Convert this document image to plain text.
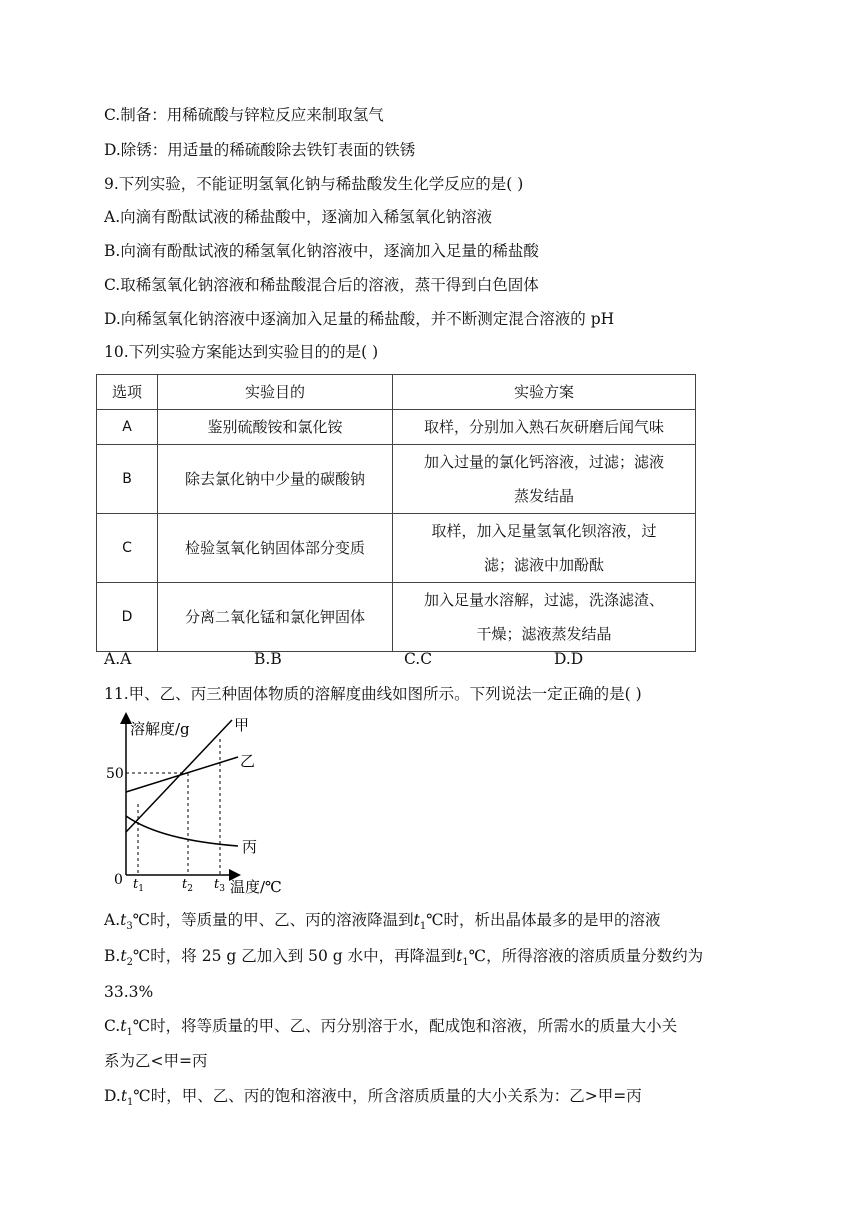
C.制备：用稀硫酸与锌粒反应来制取氢气
D.除锈：用适量的稀硫酸除去铁钉表面的铁锈
9.下列实验，不能证明氢氧化钠与稀盐酸发生化学反应的是( )
A.向滴有酚酞试液的稀盐酸中，逐滴加入稀氢氧化钠溶液
B.向滴有酚酞试液的稀氢氧化钠溶液中，逐滴加入足量的稀盐酸
C.取稀氢氧化钠溶液和稀盐酸混合后的溶液，蒸干得到白色固体
D.向稀氢氧化钠溶液中逐滴加入足量的稀盐酸，并不断测定混合溶液的 pH
10.下列实验方案能达到实验目的的是( )
选项	实验目的	实验方案
A	鉴别硫酸铵和氯化铵	取样，分别加入熟石灰研磨后闻气味
B	除去氯化钠中少量的碳酸钠	加入过量的氯化钙溶液，过滤；滤液
蒸发结晶

C	检验氢氧化钠固体部分变质	取样，加入足量氢氧化钡溶液，过
滤；滤液中加酚酞

D	分离二氧化锰和氯化钾固体	加入足量水溶解，过滤，洗涤滤渣、
干燥；滤液蒸发结晶
A.A	B.B	C.C	D.D
11.甲、乙、丙三种固体物质的溶解度曲线如图所示。下列说法一定正确的是( )
溶解度/g	甲
乙
丙
50
0 $t_1$	$t_2$ $t_3$ 温度/℃
$A.t_3℃$时，等质量的甲、乙、丙的溶液降温到$t_1℃$时，析出晶体最多的是甲的溶液
$B.t_2℃$时，将 25 g 乙加入到 50 g 水中，再降温到$t_1℃$，所得溶液的溶质质量分数约为
33.3%
$C.t_1℃$时，将等质量的甲、乙、丙分别溶于水，配成饱和溶液，所需水的质量大小关
系为乙<甲=丙
$D.t_1℃$时，甲、乙、丙的饱和溶液中，所含溶质质量的大小关系为：乙>甲=丙
